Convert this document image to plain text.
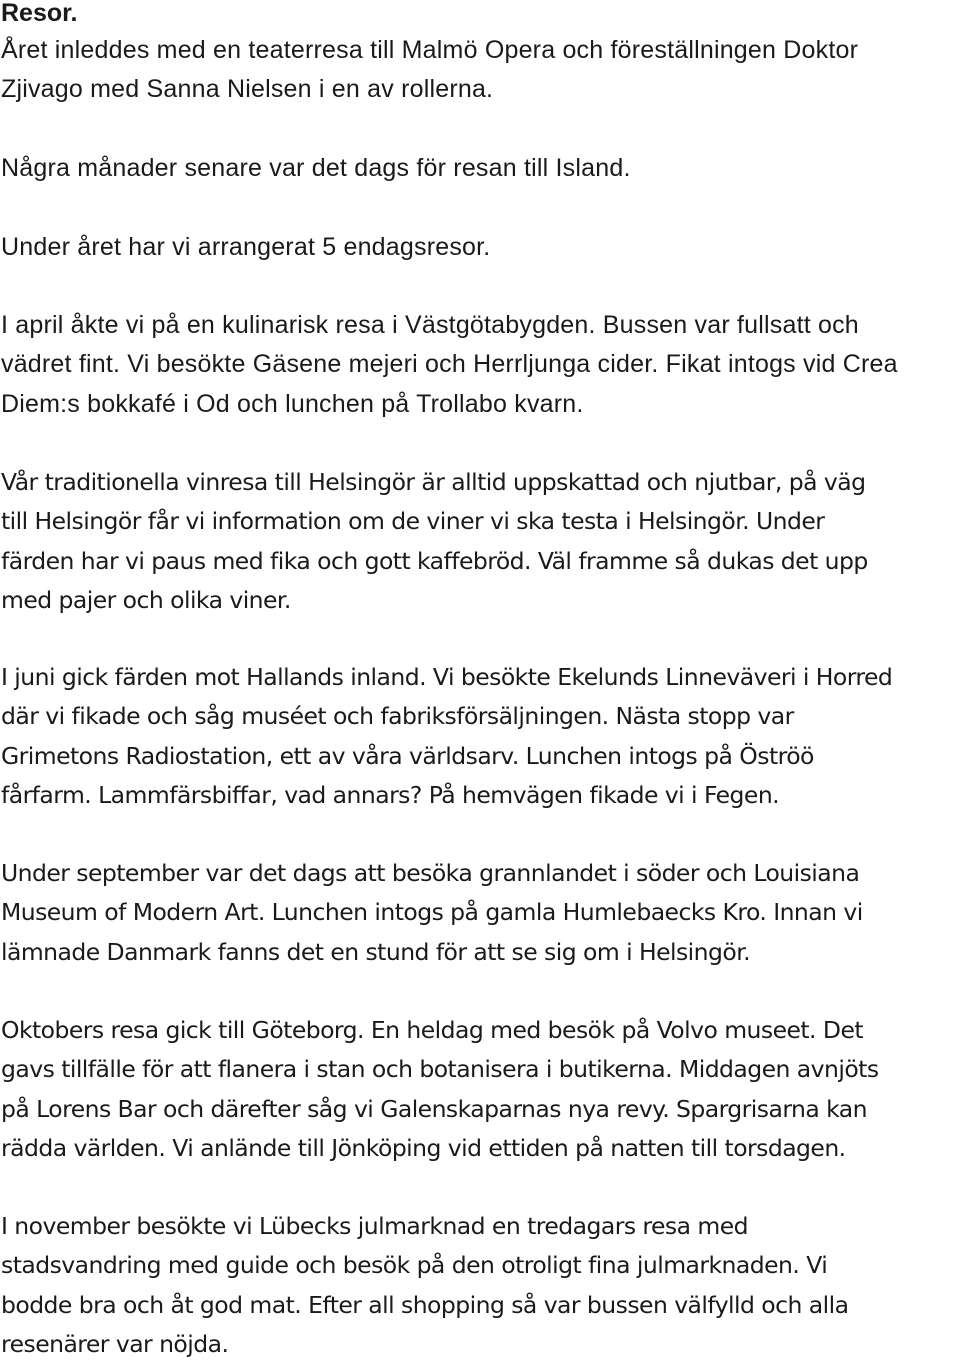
Resor.

Året inleddes med en teaterresa till Malmö Opera och föreställningen Doktor
Zjivago med Sanna Nielsen i en av rollerna.

Några månader senare var det dags för resan till Island.

Under året har vi arrangerat 5 endagsresor.

I april åkte vi på en kulinarisk resa i Västgötabygden. Bussen var fullsatt och
vädret fint. Vi besökte Gäsene mejeri och Herrljunga cider. Fikat intogs vid Crea
Diem:s bokkafé i Od och lunchen på Trollabo kvarn.

Vår traditionella vinresa till Helsingör är alltid uppskattad och njutbar, på väg
till Helsingör får vi information om de viner vi ska testa i Helsingör. Under
färden har vi paus med fika och gott kaffebröd. Väl framme så dukas det upp
med pajer och olika viner.

I juni gick färden mot Hallands inland. Vi besökte Ekelunds Linneväveri i Horred
där vi fikade och såg muséet och fabriksförsäljningen. Nästa stopp var
Grimetons Radiostation, ett av våra världsarv. Lunchen intogs på Öströö
fårfarm. Lammfärsbiffar, vad annars? På hemvägen fikade vi i Fegen.

Under september var det dags att besöka grannlandet i söder och Louisiana
Museum of Modern Art. Lunchen intogs på gamla Humlebaecks Kro. Innan vi
lämnade Danmark fanns det en stund för att se sig om i Helsingör.

Oktobers resa gick till Göteborg. En heldag med besök på Volvo museet. Det
gavs tillfälle för att flanera i stan och botanisera i butikerna. Middagen avnjöts
på Lorens Bar och därefter såg vi Galenskaparnas nya revy. Spargrisarna kan
rädda världen. Vi anlände till Jönköping vid ettiden på natten till torsdagen.

I november besökte vi Lübecks julmarknad en tredagars resa med
stadsvandring med guide och besök på den otroligt fina julmarknaden. Vi
bodde bra och åt god mat. Efter all shopping så var bussen välfylld och alla
resenärer var nöjda.
